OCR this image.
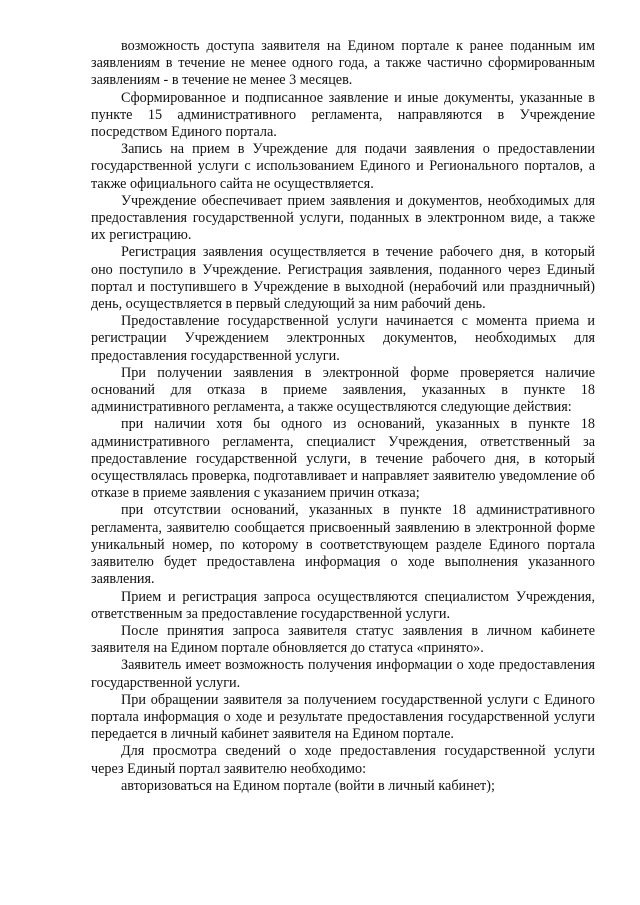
возможность доступа заявителя на Едином портале к ранее поданным им заявлениям в течение не менее одного года, а также частично сформированным заявлениям - в течение не менее 3 месяцев.

Сформированное и подписанное заявление и иные документы, указанные в пункте 15 административного регламента, направляются в Учреждение посредством Единого портала.

Запись на прием в Учреждение для подачи заявления о предоставлении государственной услуги с использованием Единого и Регионального порталов, а также официального сайта не осуществляется.

Учреждение обеспечивает прием заявления и документов, необходимых для предоставления государственной услуги, поданных в электронном виде, а также их регистрацию.

Регистрация заявления осуществляется в течение рабочего дня, в который оно поступило в Учреждение. Регистрация заявления, поданного через Единый портал и поступившего в Учреждение в выходной (нерабочий или праздничный) день, осуществляется в первый следующий за ним рабочий день.

Предоставление государственной услуги начинается с момента приема и регистрации Учреждением электронных документов, необходимых для предоставления государственной услуги.

При получении заявления в электронной форме проверяется наличие оснований для отказа в приеме заявления, указанных в пункте 18 административного регламента, а также осуществляются следующие действия:

при наличии хотя бы одного из оснований, указанных в пункте 18 административного регламента, специалист Учреждения, ответственный за предоставление государственной услуги, в течение рабочего дня, в который осуществлялась проверка, подготавливает и направляет заявителю уведомление об отказе в приеме заявления с указанием причин отказа;

при отсутствии оснований, указанных в пункте 18 административного регламента, заявителю сообщается присвоенный заявлению в электронной форме уникальный номер, по которому в соответствующем разделе Единого портала заявителю будет предоставлена информация о ходе выполнения указанного заявления.

Прием и регистрация запроса осуществляются специалистом Учреждения, ответственным за предоставление государственной услуги.

После принятия запроса заявителя статус заявления в личном кабинете заявителя на Едином портале обновляется до статуса «принято».

Заявитель имеет возможность получения информации о ходе предоставления государственной услуги.

При обращении заявителя за получением государственной услуги с Единого портала информация о ходе и результате предоставления государственной услуги передается в личный кабинет заявителя на Едином портале.

Для просмотра сведений о ходе предоставления государственной услуги через Единый портал заявителю необходимо:

авторизоваться на Едином портале (войти в личный кабинет);
